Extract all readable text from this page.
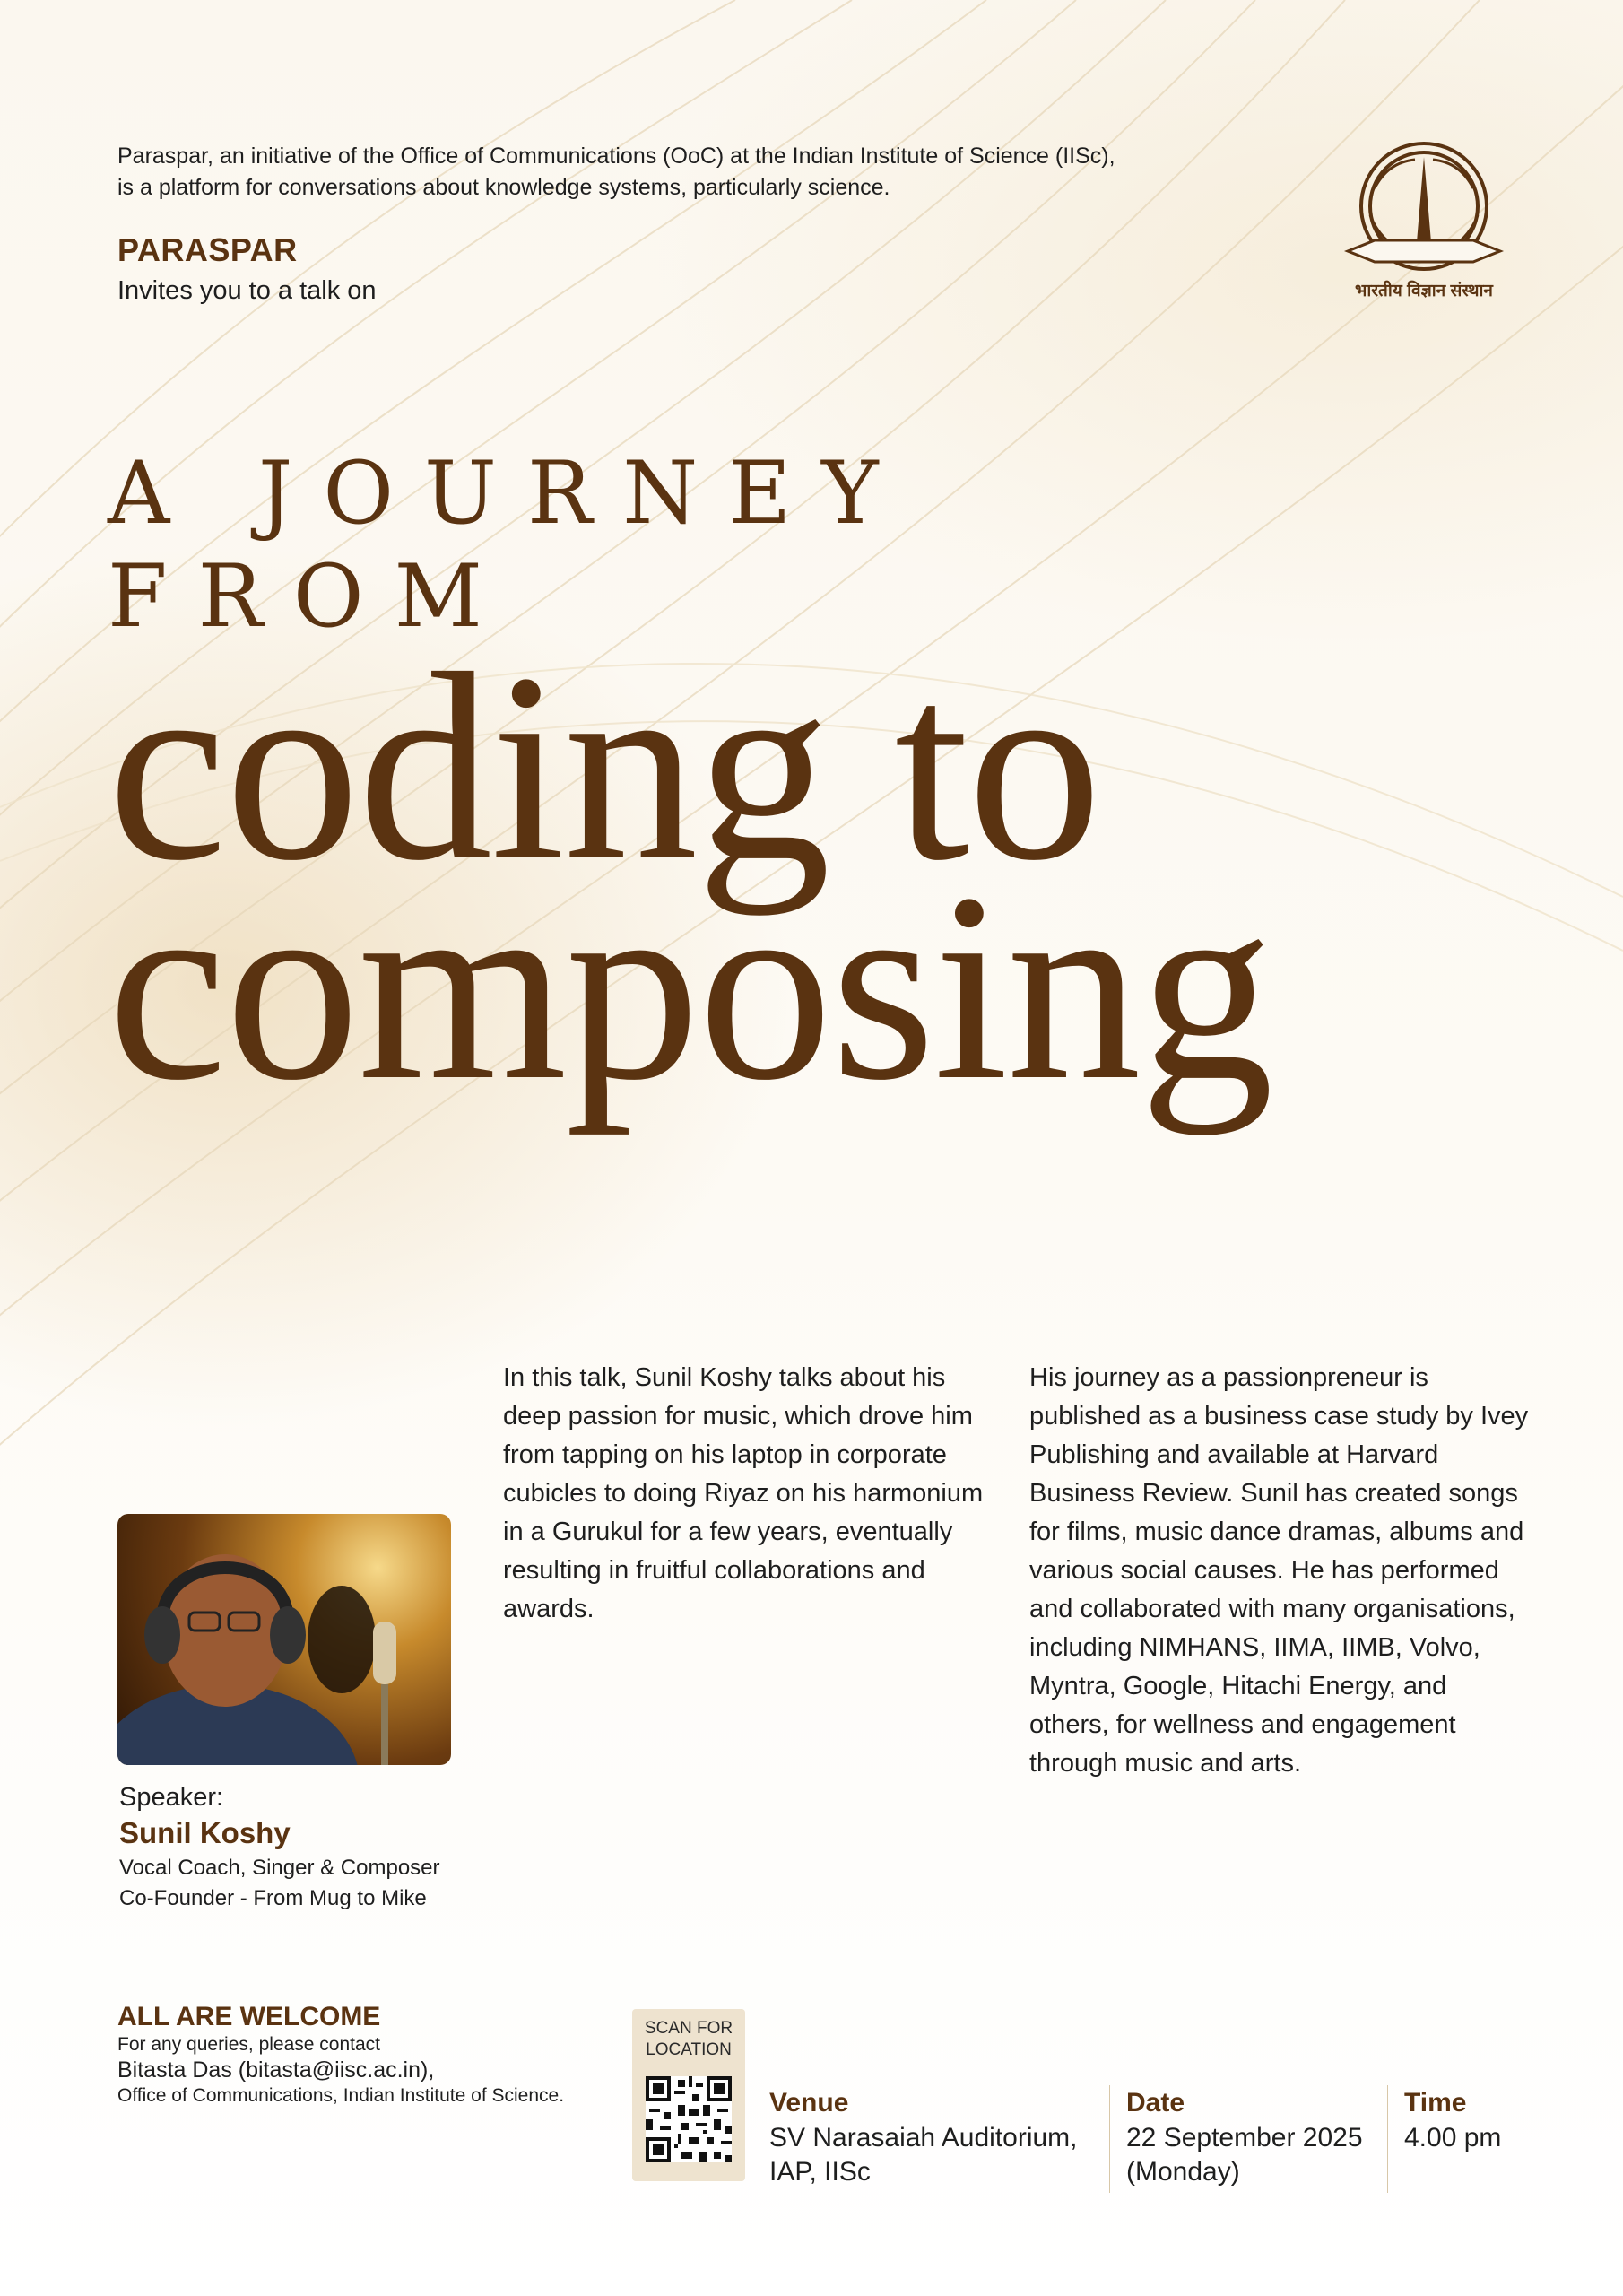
Paraspar, an initiative of the Office of Communications (OoC) at the Indian Institute of Science (IISc),
is a platform for conversations about knowledge systems, particularly science.
PARASPAR
Invites you to a talk on	भारतीय विज्ञान संस्थान
A JOURNEY
FROM
coding to
composing
In this talk, Sunil Koshy talks about his deep passion for music, which drove him from tapping on his laptop in corporate cubicles to doing Riyaz on his harmonium in a Gurukul for a few years, eventually resulting in fruitful collaborations and awards.
His journey as a passionpreneur is published as a business case study by Ivey Publishing and available at Harvard Business Review. Sunil has created songs for films, music dance dramas, albums and various social causes. He has performed and collaborated with many organisations, including NIMHANS, IIMA, IIMB, Volvo, Myntra, Google, Hitachi Energy, and others, for wellness and engagement through music and arts.
Speaker:
Sunil Koshy
Vocal Coach, Singer & Composer
Co-Founder - From Mug to Mike
ALL ARE WELCOME
For any queries, please contact
Bitasta Das (bitasta@iisc.ac.in),
Office of Communications, Indian Institute of Science.
SCAN FOR
LOCATION
Venue
SV Narasaiah Auditorium,
IAP, IISc
Date
22 September 2025
(Monday)
Time
4.00 pm
